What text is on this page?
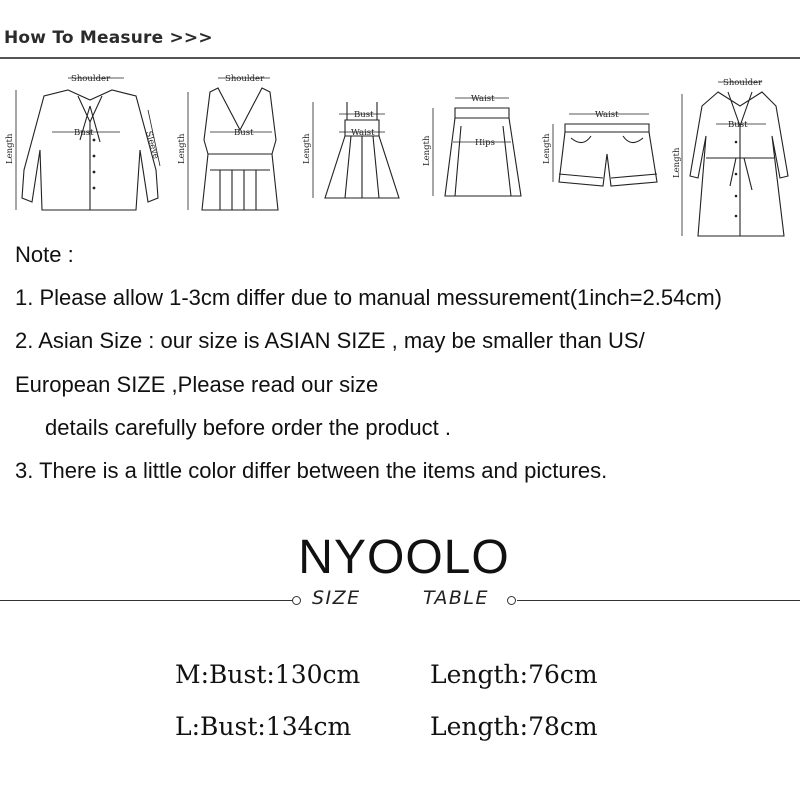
How To Measure >>>
Shoulder
Bust	Sleeve
Length
Shoulder
Bust
Length
Bust
Waist
Length
Waist
Hips
Length
Waist
Length
Shoulder
Bust
Length
Note :
1. Please allow 1-3cm differ due to manual messurement(1inch=2.54cm)
2. Asian Size : our size is ASIAN SIZE , may be smaller than US/
European SIZE ,Please read our size
details carefully before order the product .
3. There is a little color differ between the items and pictures.
NYOOLO
SIZE	TABLE
M:Bust:130cm	Length:76cm
L:Bust:134cm	Length:78cm
